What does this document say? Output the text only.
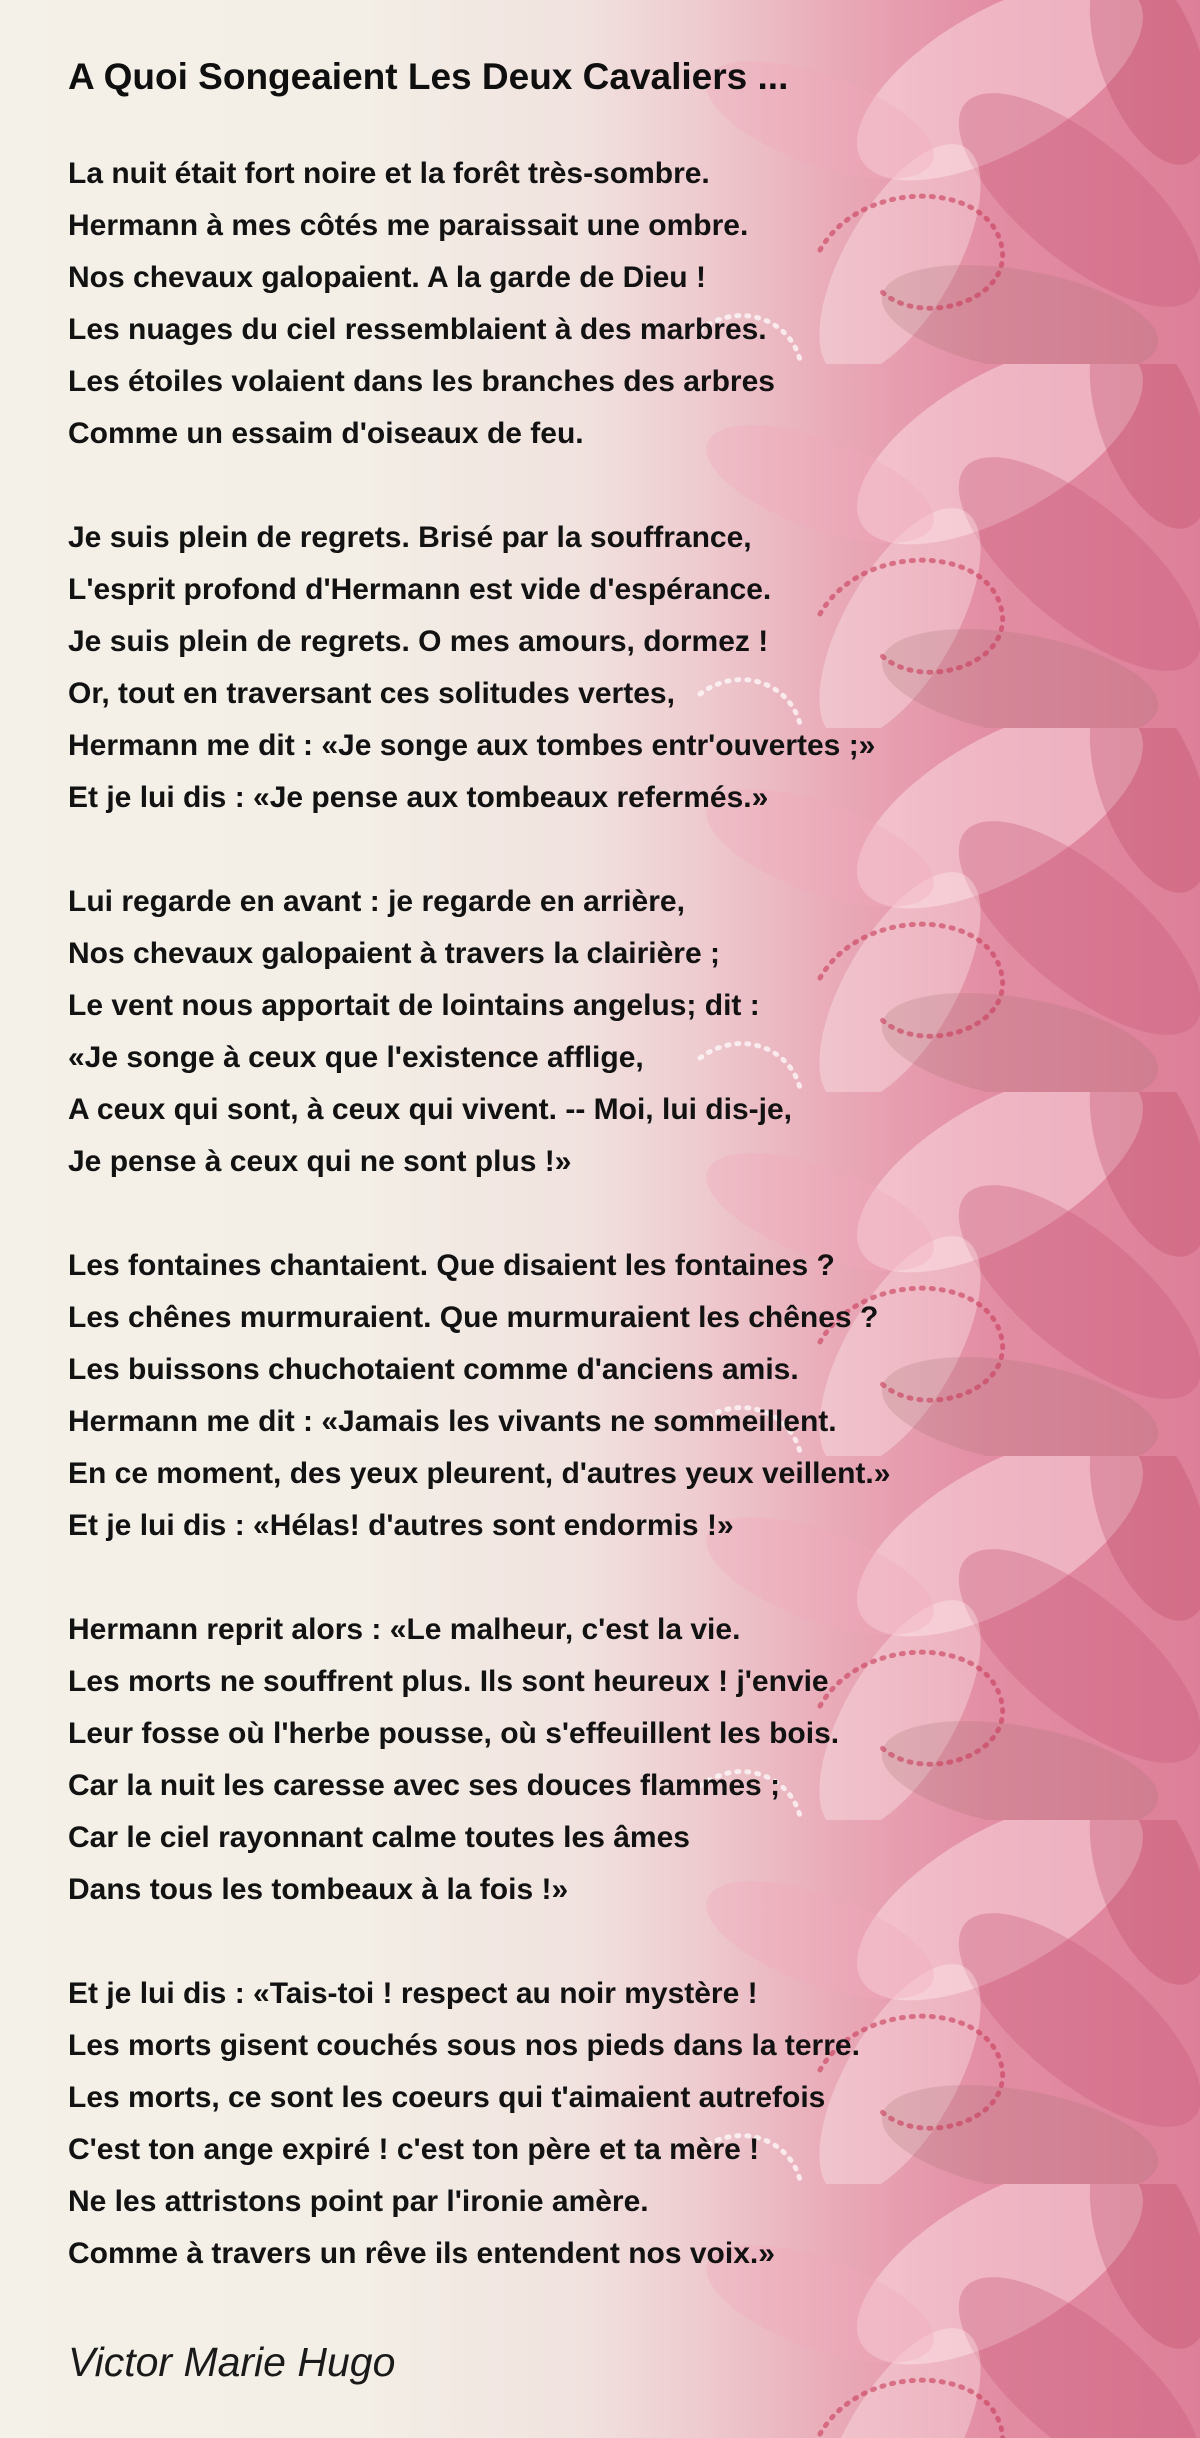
A Quoi Songeaient Les Deux Cavaliers ...
La nuit était fort noire et la forêt très-sombre.
Hermann à mes côtés me paraissait une ombre.
Nos chevaux galopaient. A la garde de Dieu !
Les nuages du ciel ressemblaient à des marbres.
Les étoiles volaient dans les branches des arbres
Comme un essaim d'oiseaux de feu.
Je suis plein de regrets. Brisé par la souffrance,
L'esprit profond d'Hermann est vide d'espérance.
Je suis plein de regrets. O mes amours, dormez !
Or, tout en traversant ces solitudes vertes,
Hermann me dit : «Je songe aux tombes entr'ouvertes ;»
Et je lui dis : «Je pense aux tombeaux refermés.»
Lui regarde en avant : je regarde en arrière,
Nos chevaux galopaient à travers la clairière ;
Le vent nous apportait de lointains angelus; dit :
«Je songe à ceux que l'existence afflige,
A ceux qui sont, à ceux qui vivent. -- Moi, lui dis-je,
Je pense à ceux qui ne sont plus !»
Les fontaines chantaient. Que disaient les fontaines ?
Les chênes murmuraient. Que murmuraient les chênes ?
Les buissons chuchotaient comme d'anciens amis.
Hermann me dit : «Jamais les vivants ne sommeillent.
En ce moment, des yeux pleurent, d'autres yeux veillent.»
Et je lui dis : «Hélas! d'autres sont endormis !»
Hermann reprit alors : «Le malheur, c'est la vie.
Les morts ne souffrent plus. Ils sont heureux ! j'envie
Leur fosse où l'herbe pousse, où s'effeuillent les bois.
Car la nuit les caresse avec ses douces flammes ;
Car le ciel rayonnant calme toutes les âmes
Dans tous les tombeaux à la fois !»
Et je lui dis : «Tais-toi ! respect au noir mystère !
Les morts gisent couchés sous nos pieds dans la terre.
Les morts, ce sont les coeurs qui t'aimaient autrefois
C'est ton ange expiré ! c'est ton père et ta mère !
Ne les attristons point par l'ironie amère.
Comme à travers un rêve ils entendent nos voix.»
Victor Marie Hugo
